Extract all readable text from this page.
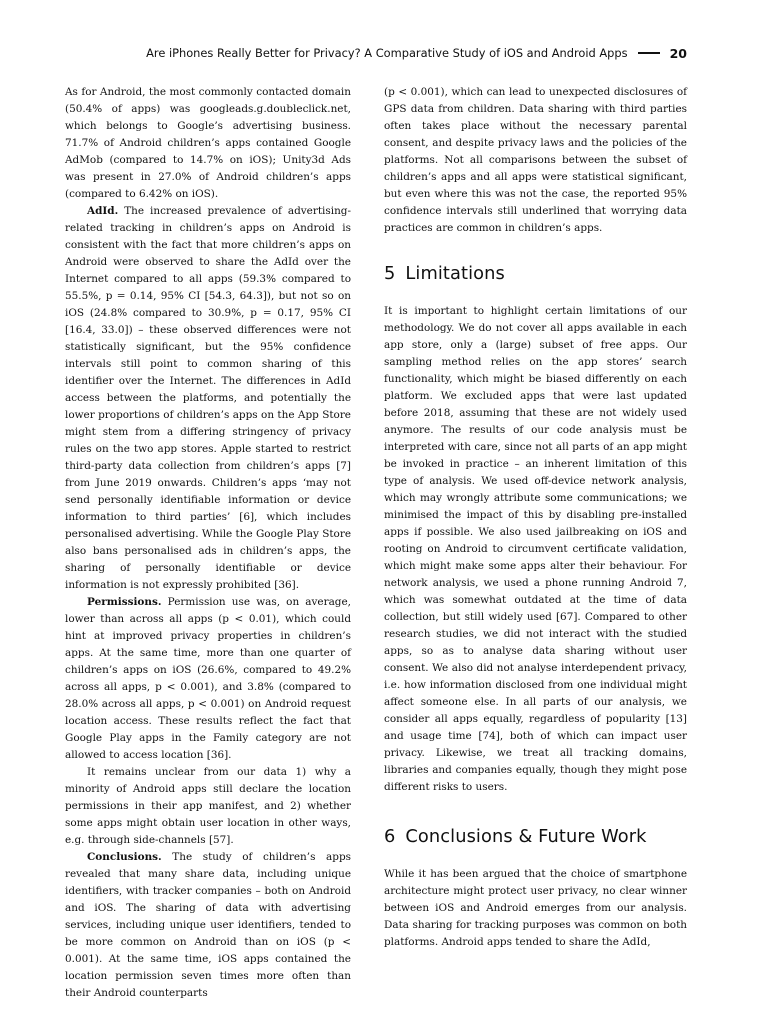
Are iPhones Really Better for Privacy? A Comparative Study of iOS and Android Apps	20

As for Android, the most commonly contacted domain (50.4% of apps) was googleads.g.doubleclick.net, which belongs to Google’s advertising business. 71.7% of Android children’s apps contained Google AdMob (compared to 14.7% on iOS); Unity3d Ads was present in 27.0% of Android children’s apps (compared to 6.42% on iOS).

AdId. The increased prevalence of advertising-related tracking in children’s apps on Android is consistent with the fact that more children’s apps on Android were observed to share the AdId over the Internet compared to all apps (59.3% compared to 55.5%, p = 0.14, 95% CI [54.3, 64.3]), but not so on iOS (24.8% compared to 30.9%, p = 0.17, 95% CI [16.4, 33.0]) – these observed differences were not statistically significant, but the 95% confidence intervals still point to common sharing of this identifier over the Internet. The differences in AdId access between the platforms, and potentially the lower proportions of children’s apps on the App Store might stem from a differing stringency of privacy rules on the two app stores. Apple started to restrict third-party data collection from children’s apps [7] from June 2019 onwards. Children’s apps ‘may not send personally identifiable information or device information to third parties’ [6], which includes personalised advertising. While the Google Play Store also bans personalised ads in children’s apps, the sharing of personally identifiable or device information is not expressly prohibited [36].

Permissions. Permission use was, on average, lower than across all apps (p < 0.01), which could hint at improved privacy properties in children’s apps. At the same time, more than one quarter of children’s apps on iOS (26.6%, compared to 49.2% across all apps, p < 0.001), and 3.8% (compared to 28.0% across all apps, p < 0.001) on Android request location access. These results reflect the fact that Google Play apps in the Family category are not allowed to access location [36].

It remains unclear from our data 1) why a minority of Android apps still declare the location permissions in their app manifest, and 2) whether some apps might obtain user location in other ways, e.g. through side-channels [57].

Conclusions. The study of children’s apps revealed that many share data, including unique identifiers, with tracker companies – both on Android and iOS. The sharing of data with advertising services, including unique user identifiers, tended to be more common on Android than on iOS (p < 0.001). At the same time, iOS apps contained the location permission seven times more often than their Android counterparts

(p < 0.001), which can lead to unexpected disclosures of GPS data from children. Data sharing with third parties often takes place without the necessary parental consent, and despite privacy laws and the policies of the platforms. Not all comparisons between the subset of children’s apps and all apps were statistical significant, but even where this was not the case, the reported 95% confidence intervals still underlined that worrying data practices are common in children’s apps.

5 Limitations

It is important to highlight certain limitations of our methodology. We do not cover all apps available in each app store, only a (large) subset of free apps. Our sampling method relies on the app stores’ search functionality, which might be biased differently on each platform. We excluded apps that were last updated before 2018, assuming that these are not widely used anymore. The results of our code analysis must be interpreted with care, since not all parts of an app might be invoked in practice – an inherent limitation of this type of analysis. We used off-device network analysis, which may wrongly attribute some communications; we minimised the impact of this by disabling pre-installed apps if possible. We also used jailbreaking on iOS and rooting on Android to circumvent certificate validation, which might make some apps alter their behaviour. For network analysis, we used a phone running Android 7, which was somewhat outdated at the time of data collection, but still widely used [67]. Compared to other research studies, we did not interact with the studied apps, so as to analyse data sharing without user consent. We also did not analyse interdependent privacy, i.e. how information disclosed from one individual might affect someone else. In all parts of our analysis, we consider all apps equally, regardless of popularity [13] and usage time [74], both of which can impact user privacy. Likewise, we treat all tracking domains, libraries and companies equally, though they might pose different risks to users.

6 Conclusions & Future Work

While it has been argued that the choice of smartphone architecture might protect user privacy, no clear winner between iOS and Android emerges from our analysis. Data sharing for tracking purposes was common on both platforms. Android apps tended to share the AdId,
